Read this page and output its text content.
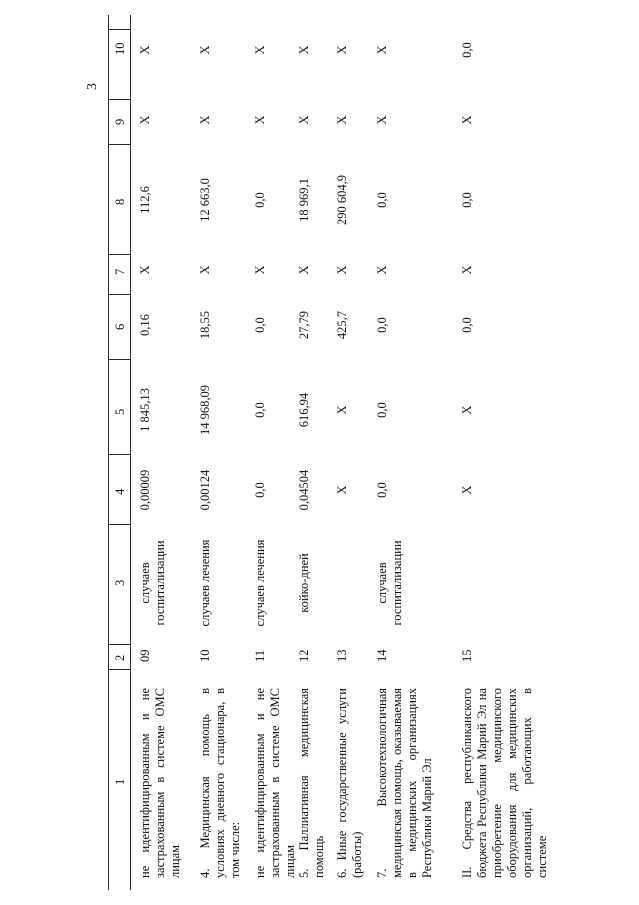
3
1
2
3
4
5
6
7
8
9
10
не идентифицированным и не застрахованным в системе ОМС лицам
09
случаев госпитализации
0,00009
1 845,13
0,16
X
112,6
X
X
4. Медицинская помощь в условиях дневного стационара, в том числе:
10
случаев лечения
0,00124
14 968,09
18,55
X
12 663,0
X
X
не идентифицированным и не застрахованным в системе ОМС лицам
11
случаев лечения
0,0
0,0
0,0
X
0,0
X
X
5. Паллиативная медицинская помощь
12
койко-дней
0,04504
616,94
27,79
X
18 969,1
X
X
6. Иные государственные услуги (работы)
13
X
X
425,7
X
290 604,9
X
X
7. Высокотехнологичная медицинская помощь, оказываемая в медицинских организациях Республики Марий Эл
14
случаев госпитализации
0,0
0,0
0,0
X
0,0
X
X
II. Средства республиканского бюджета Республики Марий Эл на приобретение медицинского оборудования для медицинских организаций, работающих в системе
15
X
X
0,0
X
0,0
X
0,0
